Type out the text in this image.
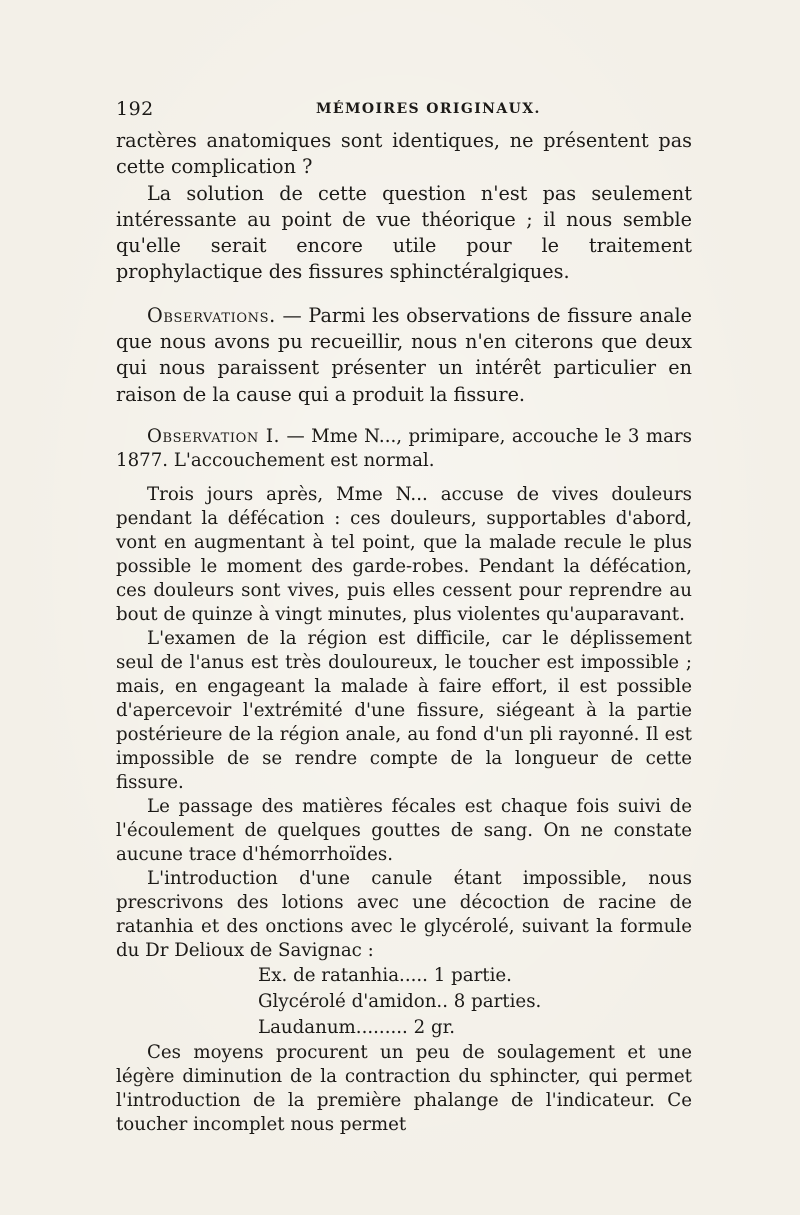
192	MÉMOIRES ORIGINAUX.

ractères anatomiques sont identiques, ne présentent pas cette complication ?

La solution de cette question n'est pas seulement intéressante au point de vue théorique ; il nous semble qu'elle serait encore utile pour le traitement prophylactique des fissures sphinctéralgiques.

Observations. — Parmi les observations de fissure anale que nous avons pu recueillir, nous n'en citerons que deux qui nous paraissent présenter un intérêt particulier en raison de la cause qui a produit la fissure.

Observation I. — Mme N..., primipare, accouche le 3 mars 1877. L'accouchement est normal.

Trois jours après, Mme N... accuse de vives douleurs pendant la défécation : ces douleurs, supportables d'abord, vont en augmentant à tel point, que la malade recule le plus possible le moment des garde-robes. Pendant la défécation, ces douleurs sont vives, puis elles cessent pour reprendre au bout de quinze à vingt minutes, plus violentes qu'auparavant.

L'examen de la région est difficile, car le déplissement seul de l'anus est très douloureux, le toucher est impossible ; mais, en engageant la malade à faire effort, il est possible d'apercevoir l'extrémité d'une fissure, siégeant à la partie postérieure de la région anale, au fond d'un pli rayonné. Il est impossible de se rendre compte de la longueur de cette fissure.

Le passage des matières fécales est chaque fois suivi de l'écoulement de quelques gouttes de sang. On ne constate aucune trace d'hémorrhoïdes.

L'introduction d'une canule étant impossible, nous prescrivons des lotions avec une décoction de racine de ratanhia et des onctions avec le glycérolé, suivant la formule du Dr Delioux de Savignac :

Ex. de ratanhia..... 1 partie.
Glycérolé d'amidon.. 8 parties.
Laudanum......... 2 gr.

Ces moyens procurent un peu de soulagement et une légère diminution de la contraction du sphincter, qui permet l'introduction de la première phalange de l'indicateur. Ce toucher incomplet nous permet
